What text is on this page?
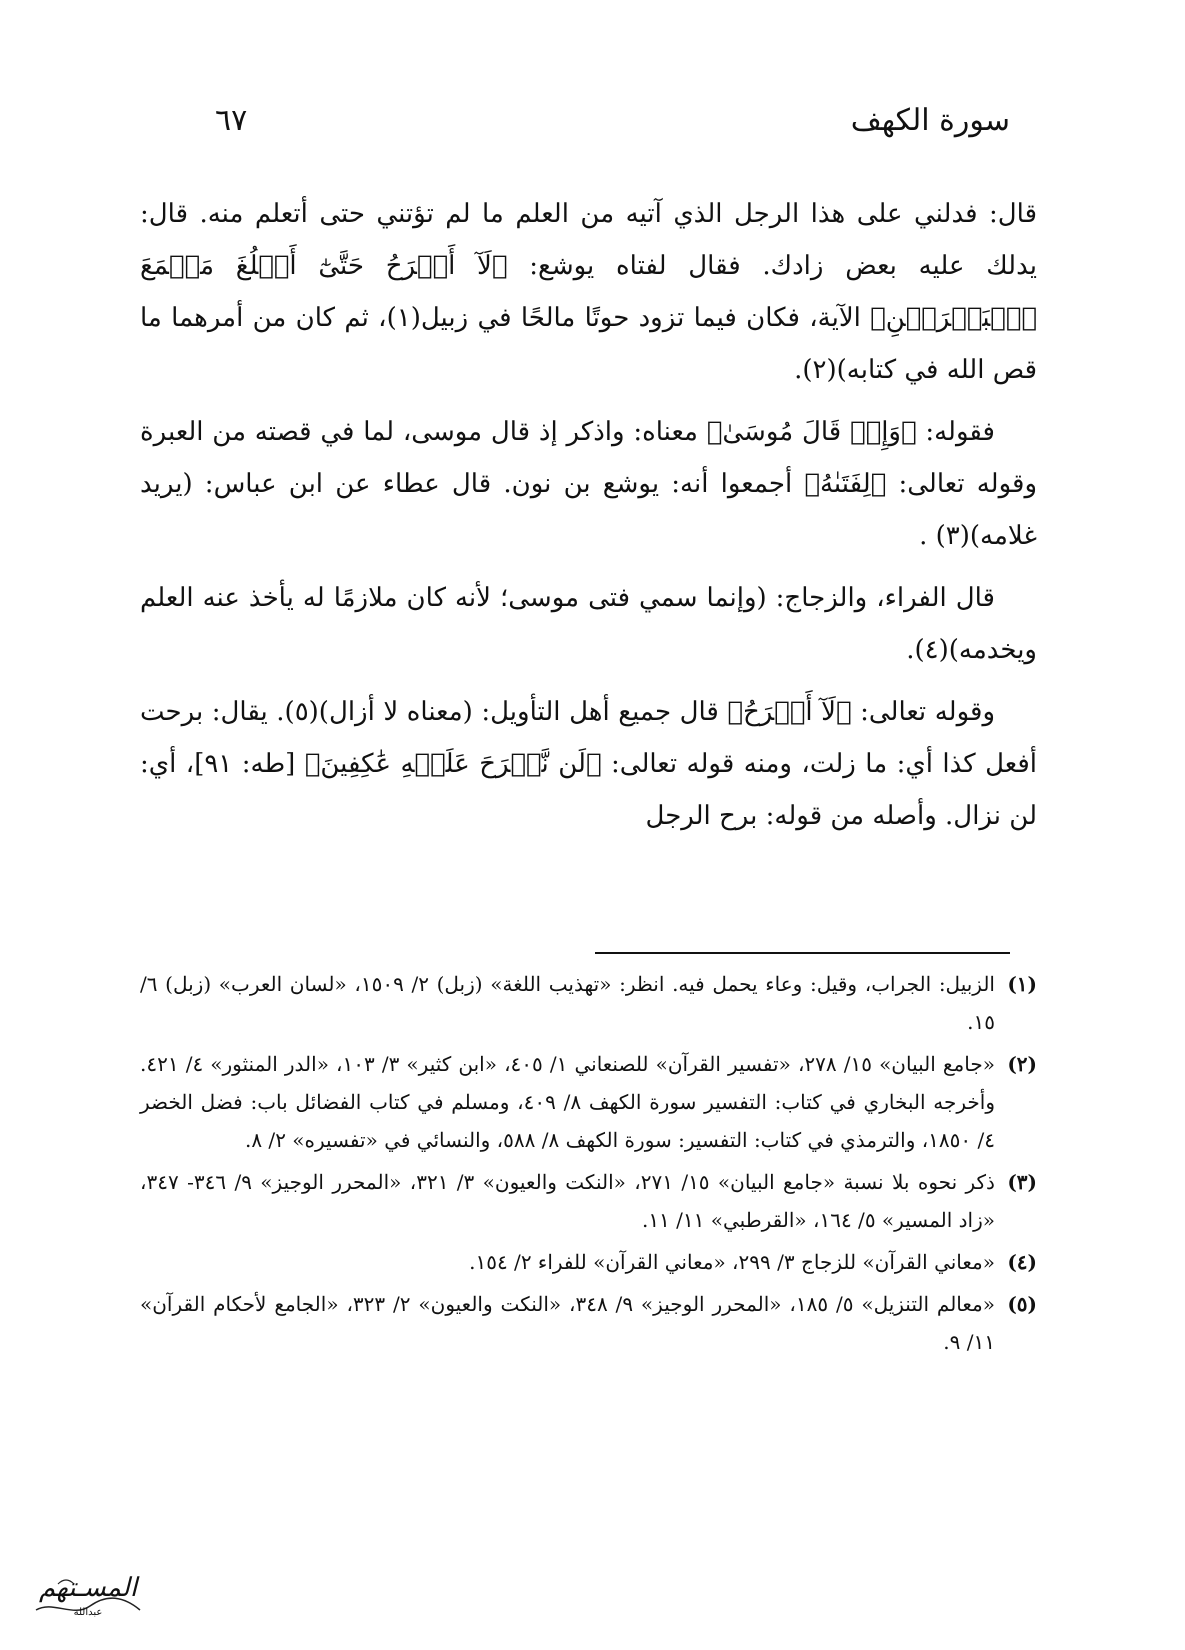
سورة الكهف
٦٧

قال: فدلني على هذا الرجل الذي آتيه من العلم ما لم تؤتني حتى أتعلم منه. قال: يدلك عليه بعض زادك. فقال لفتاه يوشع: ﴿لَآ أَبۡرَحُ حَتَّىٰٓ أَبۡلُغَ مَجۡمَعَ ٱلۡبَحۡرَيۡنِ﴾ الآية، فكان فيما تزود حوتًا مالحًا في زبيل(١)، ثم كان من أمرهما ما قص الله في كتابه)(٢).

فقوله: ﴿وَإِذۡ قَالَ مُوسَىٰ﴾ معناه: واذكر إذ قال موسى، لما في قصته من العبرة وقوله تعالى: ﴿لِفَتَىٰهُ﴾ أجمعوا أنه: يوشع بن نون. قال عطاء عن ابن عباس: (يريد غلامه)(٣) .

قال الفراء، والزجاج: (وإنما سمي فتى موسى؛ لأنه كان ملازمًا له يأخذ عنه العلم ويخدمه)(٤).

وقوله تعالى: ﴿لَآ أَبۡرَحُ﴾ قال جميع أهل التأويل: (معناه لا أزال)(٥). يقال: برحت أفعل كذا أي: ما زلت، ومنه قوله تعالى: ﴿لَن نَّبۡرَحَ عَلَيۡهِ عَٰكِفِينَ﴾ [طه: ٩١]، أي: لن نزال. وأصله من قوله: برح الرجل

(١)
الزبيل: الجراب، وقيل: وعاء يحمل فيه. انظر: «تهذيب اللغة» (زبل) ٢/ ١٥٠٩، «لسان العرب» (زبل) ٦/ ١٥.
(٢)
«جامع البيان» ١٥/ ٢٧٨، «تفسير القرآن» للصنعاني ١/ ٤٠٥، «ابن كثير» ٣/ ١٠٣، «الدر المنثور» ٤/ ٤٢١. وأخرجه البخاري في كتاب: التفسير سورة الكهف ٨/ ٤٠٩، ومسلم في كتاب الفضائل باب: فضل الخضر ٤/ ١٨٥٠، والترمذي في كتاب: التفسير: سورة الكهف ٨/ ٥٨٨، والنسائي في «تفسيره» ٢/ ٨.
(٣)
ذكر نحوه بلا نسبة «جامع البيان» ١٥/ ٢٧١، «النكت والعيون» ٣/ ٣٢١، «المحرر الوجيز» ٩/ ٣٤٦- ٣٤٧، «زاد المسير» ٥/ ١٦٤، «القرطبي» ١١/ ١١.
(٤)
«معاني القرآن» للزجاج ٣/ ٢٩٩، «معاني القرآن» للفراء ٢/ ١٥٤.
(٥)
«معالم التنزيل» ٥/ ١٨٥، «المحرر الوجيز» ٩/ ٣٤٨، «النكت والعيون» ٢/ ٣٢٣، «الجامع لأحكام القرآن» ١١/ ٩.
المسـتهم
عبدالله
